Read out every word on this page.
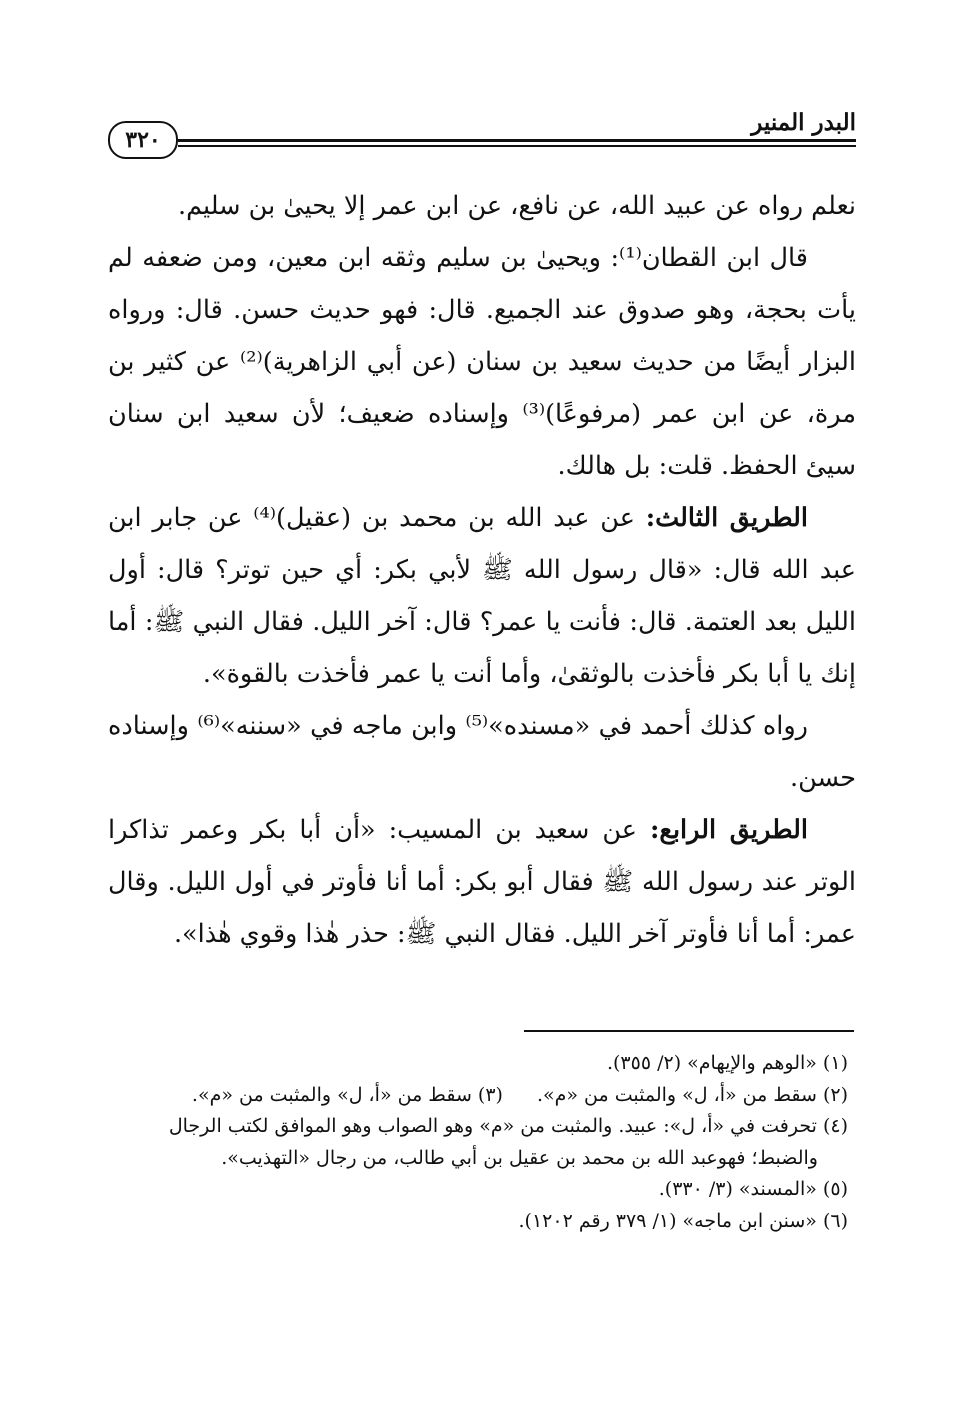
٣٢٠
البدر المنير

نعلم رواه عن عبيد الله، عن نافع، عن ابن عمر إلا يحيىٰ بن سليم.

قال ابن القطان⁽¹⁾: ويحيىٰ بن سليم وثقه ابن معين، ومن ضعفه لم يأت بحجة، وهو صدوق عند الجميع. قال: فهو حديث حسن. قال: ورواه البزار أيضًا من حديث سعيد بن سنان (عن أبي الزاهرية)⁽²⁾ عن كثير بن مرة، عن ابن عمر (مرفوعًا)⁽³⁾ وإسناده ضعيف؛ لأن سعيد ابن سنان سيئ الحفظ. قلت: بل هالك.

الطريق الثالث: عن عبد الله بن محمد بن (عقيل)⁽⁴⁾ عن جابر ابن عبد الله قال: «قال رسول الله ﷺ لأبي بكر: أي حين توتر؟ قال: أول الليل بعد العتمة. قال: فأنت يا عمر؟ قال: آخر الليل. فقال النبي ﷺ: أما إنك يا أبا بكر فأخذت بالوثقىٰ، وأما أنت يا عمر فأخذت بالقوة».

رواه كذلك أحمد في «مسنده»⁽⁵⁾ وابن ماجه في «سننه»⁽⁶⁾ وإسناده حسن.

الطريق الرابع: عن سعيد بن المسيب: «أن أبا بكر وعمر تذاكرا الوتر عند رسول الله ﷺ فقال أبو بكر: أما أنا فأوتر في أول الليل. وقال عمر: أما أنا فأوتر آخر الليل. فقال النبي ﷺ: حذر هٰذا وقوي هٰذا».

(١) «الوهم والإيهام» (٢/ ٣٥٥).

(٢) سقط من «أ، ل» والمثبت من «م».(٣) سقط من «أ، ل» والمثبت من «م».

(٤) تحرفت في «أ، ل»: عبيد. والمثبت من «م» وهو الصواب وهو الموافق لكتب الرجال

والضبط؛ فهوعبد الله بن محمد بن عقيل بن أبي طالب، من رجال «التهذيب».

(٥) «المسند» (٣/ ٣٣٠).

(٦) «سنن ابن ماجه» (١/ ٣٧٩ رقم ١٢٠٢).
